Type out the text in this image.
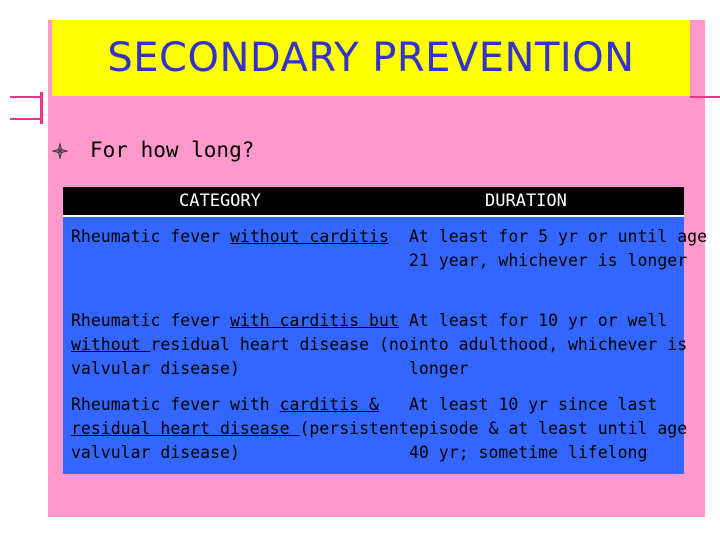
SECONDARY PREVENTION
For how long?
CATEGORY	DURATION
Rheumatic fever without carditis At least for 5 yr or until age
21 year, whichever is longer
Rheumatic fever with carditis but
without residual heart disease (no
valvular disease)
At least for 10 yr or well
into adulthood, whichever is
longer
Rheumatic fever with carditis &
residual heart disease (persistent
valvular disease)
At least 10 yr since last
episode & at least until age
40 yr; sometime lifelong
